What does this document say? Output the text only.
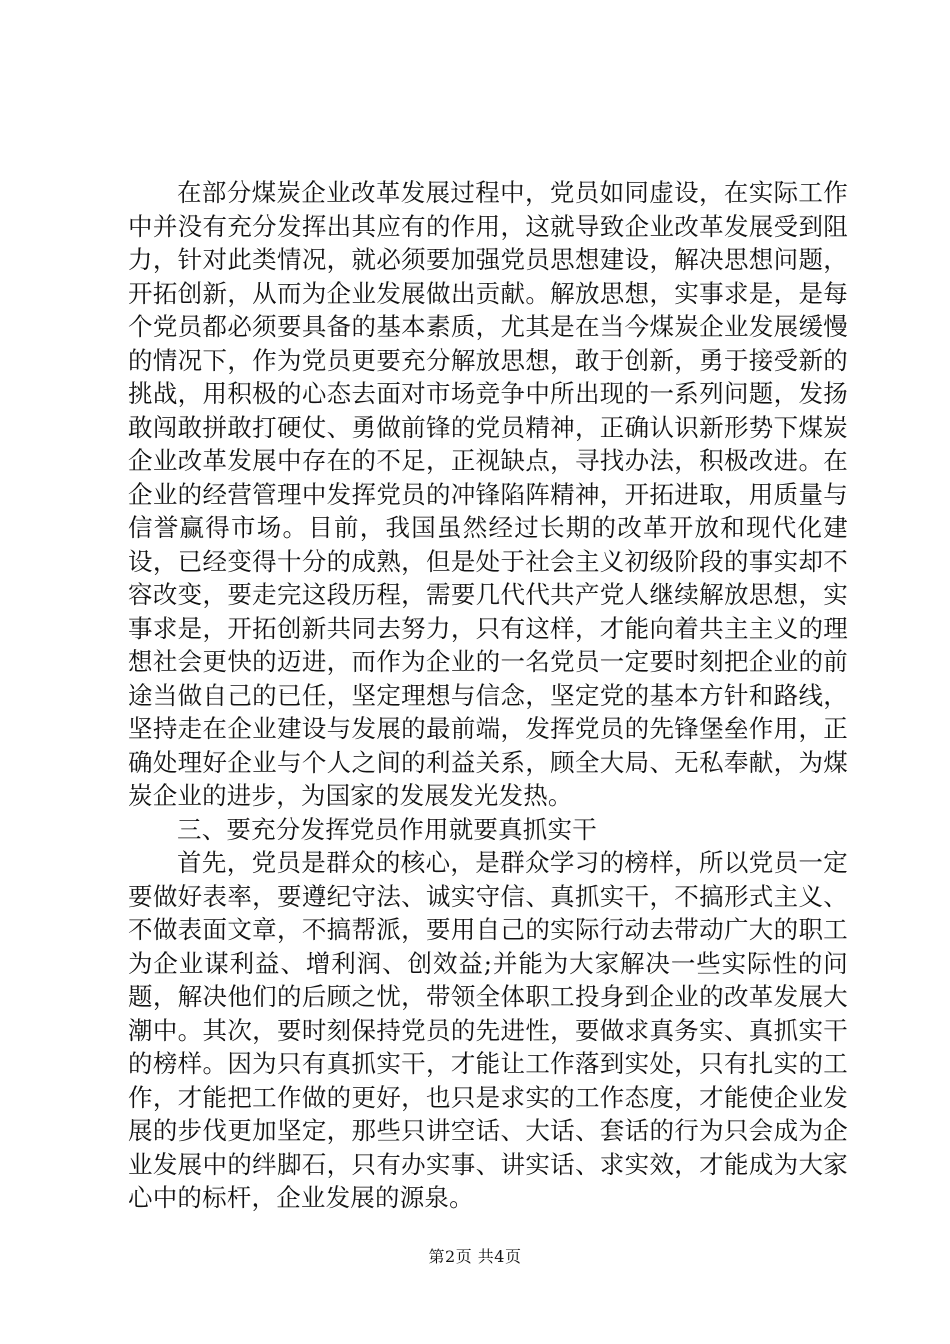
在部分煤炭企业改革发展过程中，党员如同虚设，在实际工作中并没有充分发挥出其应有的作用，这就导致企业改革发展受到阻力，针对此类情况，就必须要加强党员思想建设，解决思想问题，开拓创新，从而为企业发展做出贡献。解放思想，实事求是，是每个党员都必须要具备的基本素质，尤其是在当今煤炭企业发展缓慢的情况下，作为党员更要充分解放思想，敢于创新，勇于接受新的挑战，用积极的心态去面对市场竞争中所出现的一系列问题，发扬敢闯敢拼敢打硬仗、勇做前锋的党员精神，正确认识新形势下煤炭企业改革发展中存在的不足，正视缺点，寻找办法，积极改进。在企业的经营管理中发挥党员的冲锋陷阵精神，开拓进取，用质量与信誉赢得市场。目前，我国虽然经过长期的改革开放和现代化建设，已经变得十分的成熟，但是处于社会主义初级阶段的事实却不容改变，要走完这段历程，需要几代代共产党人继续解放思想，实事求是，开拓创新共同去努力，只有这样，才能向着共主主义的理想社会更快的迈进，而作为企业的一名党员一定要时刻把企业的前途当做自己的已任，坚定理想与信念，坚定党的基本方针和路线，坚持走在企业建设与发展的最前端，发挥党员的先锋堡垒作用，正确处理好企业与个人之间的利益关系，顾全大局、无私奉献，为煤炭企业的进步，为国家的发展发光发热。

三、要充分发挥党员作用就要真抓实干

首先，党员是群众的核心，是群众学习的榜样，所以党员一定要做好表率，要遵纪守法、诚实守信、真抓实干，不搞形式主义、不做表面文章，不搞帮派，要用自己的实际行动去带动广大的职工为企业谋利益、增利润、创效益;并能为大家解决一些实际性的问题，解决他们的后顾之忧，带领全体职工投身到企业的改革发展大潮中。其次，要时刻保持党员的先进性，要做求真务实、真抓实干的榜样。因为只有真抓实干，才能让工作落到实处，只有扎实的工作，才能把工作做的更好，也只是求实的工作态度，才能使企业发展的步伐更加坚定，那些只讲空话、大话、套话的行为只会成为企业发展中的绊脚石，只有办实事、讲实话、求实效，才能成为大家心中的标杆，企业发展的源泉。

第2页 共4页
